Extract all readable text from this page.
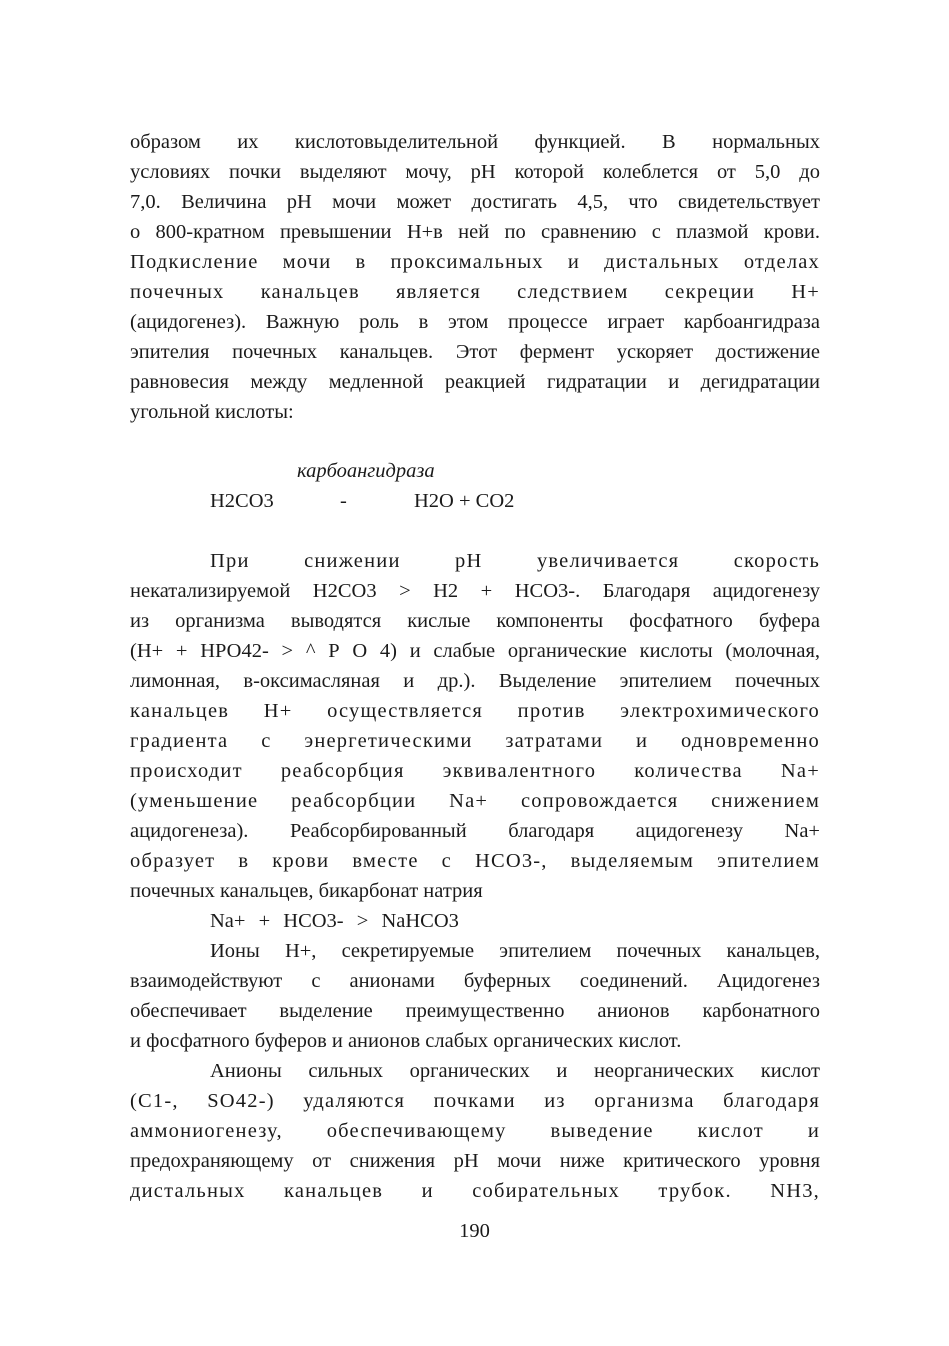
образом их кислотовыделительной функцией. В нормальных
условиях почки выделяют мочу, рН которой колеблется от 5,0 до
7,0. Величина рН мочи может достигать 4,5, что свидетельствует
о 800-кратном превышении Н+в ней по сравнению с плазмой крови.
Подкисление мочи в проксимальных и дистальных отделах
почечных канальцев является следствием секреции Н+
(ацидогенез). Важную роль в этом процессе играет карбоангидраза
эпителия почечных канальцев. Этот фермент ускоряет достижение
равновесия между медленной реакцией гидратации и дегидратации
угольной кислоты:
карбоангидраза
H2CO3	-	H2O + CO2
При снижении рН увеличивается скорость
некатализируемой H2CO3 > H2 + HCO3-. Благодаря ацидогенезу
из организма выводятся кислые компоненты фосфатного буфера
(Н+ + НРО42- > ^ Р О 4) и слабые органические кислоты (молочная,
лимонная, в-оксимасляная и др.). Выделение эпителием почечных
канальцев Н+ осуществляется против электрохимического
градиента с энергетическими затратами и одновременно
происходит реабсорбция эквивалентного количества Na+
(уменьшение реабсорбции Na+ сопровождается снижением
ацидогенеза). Реабсорбированный благодаря ацидогенезу Na+
образует в крови вместе с НСО3-, выделяемым эпителием
почечных канальцев, бикарбонат натрия
Na+ + HCO3- > NaHCO3
Ионы Н+, секретируемые эпителием почечных канальцев,
взаимодействуют с анионами буферных соединений. Ацидогенез
обеспечивает выделение преимущественно анионов карбонатного
и фосфатного буферов и анионов слабых органических кислот.
Анионы сильных органических и неорганических кислот
(C1-, SO42-) удаляются почками из организма благодаря
аммониогенезу, обеспечивающему выведение кислот и
предохраняющему от снижения рН мочи ниже критического уровня
дистальных канальцев и собирательных трубок. NH3,
190
